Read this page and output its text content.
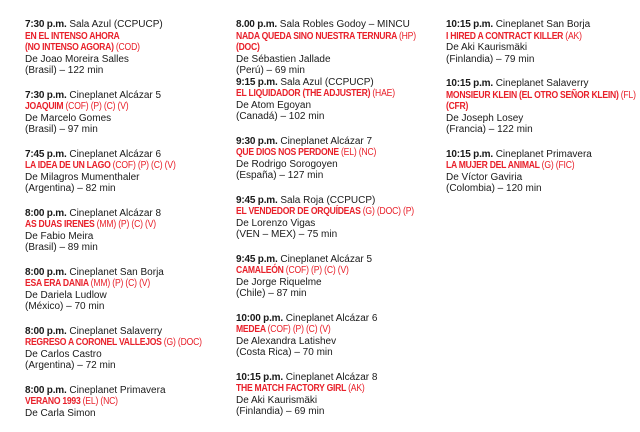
7:30 p.m. Sala Azul (CCPUCP)
EN EL INTENSO AHORA
(NO INTENSO AGORA) (COD)
De Joao Moreira Salles
(Brasil) – 122 min
7:30 p.m. Cineplanet Alcázar 5
JOAQUIM (COF) (P) (C) (V)
De Marcelo Gomes
(Brasil) – 97 min
7:45 p.m. Cineplanet Alcázar 6
LA IDEA DE UN LAGO (COF) (P) (C) (V)
De Milagros Mumenthaler
(Argentina) – 82 min
8:00 p.m. Cineplanet Alcázar 8
AS DUAS IRENES (MM) (P) (C) (V)
De Fabio Meira
(Brasil) – 89 min
8:00 p.m. Cineplanet San Borja
ESA ERA DANIA (MM) (P) (C) (V)
De Dariela Ludlow
(México) – 70 min
8:00 p.m. Cineplanet Salaverry
REGRESO A CORONEL VALLEJOS (G) (DOC)
De Carlos Castro
(Argentina) – 72 min
8:00 p.m. Cineplanet Primavera
VERANO 1993 (EL) (NC)
De Carla Simon
8.00 p.m. Sala Robles Godoy – MINCU
NADA QUEDA SINO NUESTRA TERNURA (HP)
(DOC)
De Sébastien Jallade
(Perú) – 69 min
9:15 p.m. Sala Azul (CCPUCP)
EL LIQUIDADOR (THE ADJUSTER) (HAE)
De Atom Egoyan
(Canadá) – 102 min
9:30 p.m. Cineplanet Alcázar 7
QUE DIOS NOS PERDONE (EL) (NC)
De Rodrigo Sorogoyen
(España) – 127 min
9:45 p.m. Sala Roja (CCPUCP)
EL VENDEDOR DE ORQUÍDEAS (G) (DOC) (P)
De Lorenzo Vigas
(VEN – MEX) – 75 min
9:45 p.m. Cineplanet Alcázar 5
CAMALEÓN (COF) (P) (C) (V)
De Jorge Riquelme
(Chile) – 87 min
10:00 p.m. Cineplanet Alcázar 6
MEDEA (COF) (P) (C) (V)
De Alexandra Latishev
(Costa Rica) – 70 min
10:15 p.m. Cineplanet Alcázar 8
THE MATCH FACTORY GIRL (AK)
De Aki Kaurismäki
(Finlandia) – 69 min
10:15 p.m. Cineplanet San Borja
I HIRED A CONTRACT KILLER (AK)
De Aki Kaurismäki
(Finlandia) – 79 min
10:15 p.m. Cineplanet Salaverry
MONSIEUR KLEIN (EL OTRO SEÑOR KLEIN) (FL)
(CFR)
De Joseph Losey
(Francia) – 122 min
10:15 p.m. Cineplanet Primavera
LA MUJER DEL ANIMAL (G) (FIC)
De Víctor Gaviria
(Colombia) – 120 min
